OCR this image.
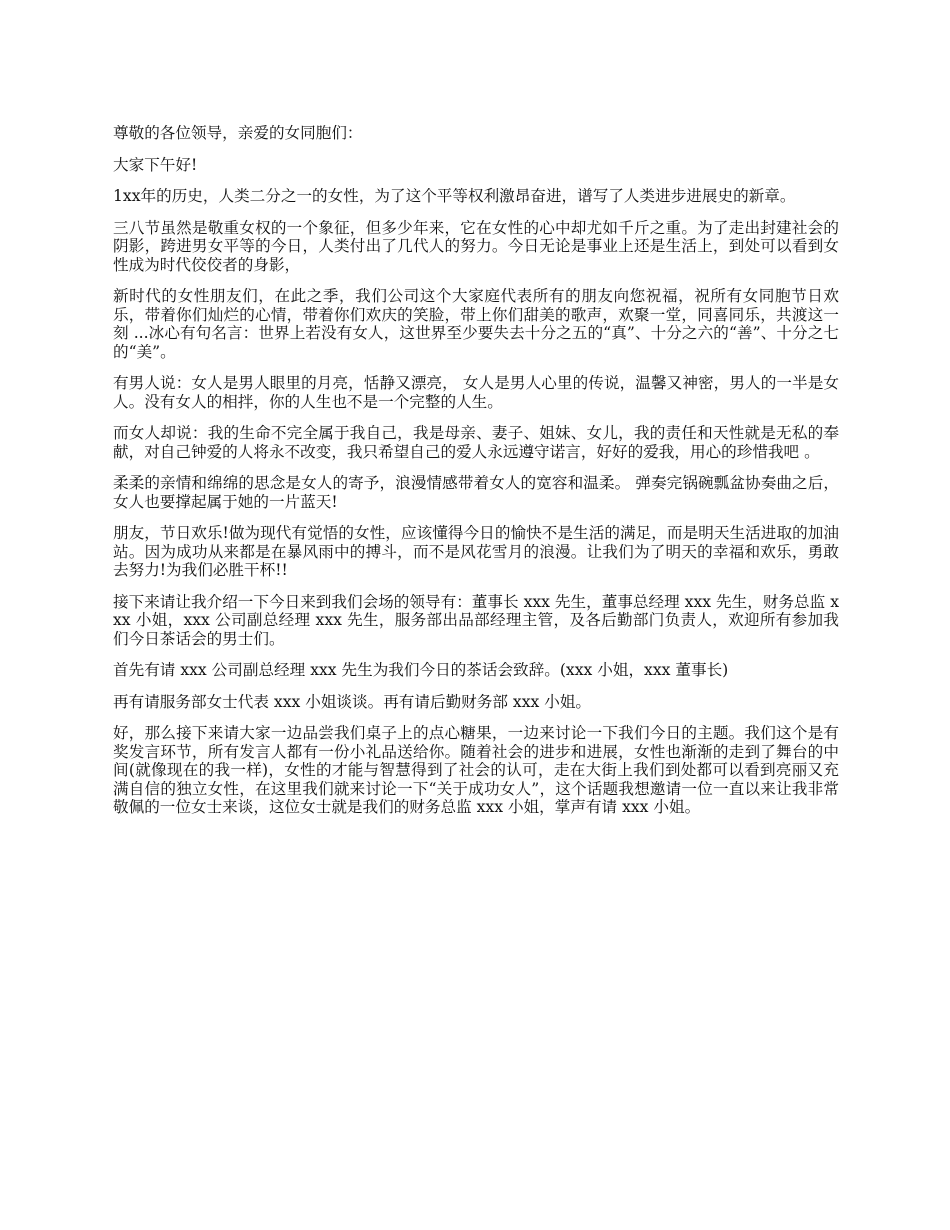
尊敬的各位领导，亲爱的女同胞们：

大家下午好!

1xx年的历史，人类二分之一的女性，为了这个平等权利激昂奋进，谱写了人类进步进展史的新章。

三八节虽然是敬重女权的一个象征，但多少年来，它在女性的心中却尤如千斤之重。为了走出封建社会的阴影，跨进男女平等的今日，人类付出了几代人的努力。今日无论是事业上还是生活上，到处可以看到女性成为时代佼佼者的身影，

新时代的女性朋友们，在此之季，我们公司这个大家庭代表所有的朋友向您祝福，祝所有女同胞节日欢乐，带着你们灿烂的心情，带着你们欢庆的笑脸，带上你们甜美的歌声，欢聚一堂，同喜同乐，共渡这一刻 ...冰心有句名言：世界上若没有女人，这世界至少要失去十分之五的“真”、十分之六的“善”、十分之七的“美”。

有男人说：女人是男人眼里的月亮，恬静又漂亮， 女人是男人心里的传说，温馨又神密，男人的一半是女人。没有女人的相拌，你的人生也不是一个完整的人生。

而女人却说：我的生命不完全属于我自己，我是母亲、妻子、姐妹、女儿，我的责任和天性就是无私的奉献，对自己钟爱的人将永不改变，我只希望自己的爱人永远遵守诺言，好好的爱我，用心的珍惜我吧 。

柔柔的亲情和绵绵的思念是女人的寄予，浪漫情感带着女人的宽容和温柔。 弹奏完锅碗瓢盆协奏曲之后，女人也要撑起属于她的一片蓝天!

朋友，节日欢乐!做为现代有觉悟的女性，应该懂得今日的愉快不是生活的满足，而是明天生活进取的加油站。因为成功从来都是在暴风雨中的搏斗，而不是风花雪月的浪漫。让我们为了明天的幸福和欢乐，勇敢去努力!为我们必胜干杯!!

接下来请让我介绍一下今日来到我们会场的领导有：董事长 xxx 先生，董事总经理 xxx 先生，财务总监 xxx 小姐，xxx 公司副总经理 xxx 先生，服务部出品部经理主管，及各后勤部门负责人，欢迎所有参加我们今日茶话会的男士们。

首先有请 xxx 公司副总经理 xxx 先生为我们今日的茶话会致辞。(xxx 小姐，xxx 董事长)

再有请服务部女士代表 xxx 小姐谈谈。再有请后勤财务部 xxx 小姐。

好，那么接下来请大家一边品尝我们桌子上的点心糖果，一边来讨论一下我们今日的主题。我们这个是有奖发言环节，所有发言人都有一份小礼品送给你。随着社会的进步和进展，女性也渐渐的走到了舞台的中间(就像现在的我一样)，女性的才能与智慧得到了社会的认可，走在大街上我们到处都可以看到亮丽又充满自信的独立女性，在这里我们就来讨论一下“关于成功女人”，这个话题我想邀请一位一直以来让我非常敬佩的一位女士来谈，这位女士就是我们的财务总监 xxx 小姐，掌声有请 xxx 小姐。
